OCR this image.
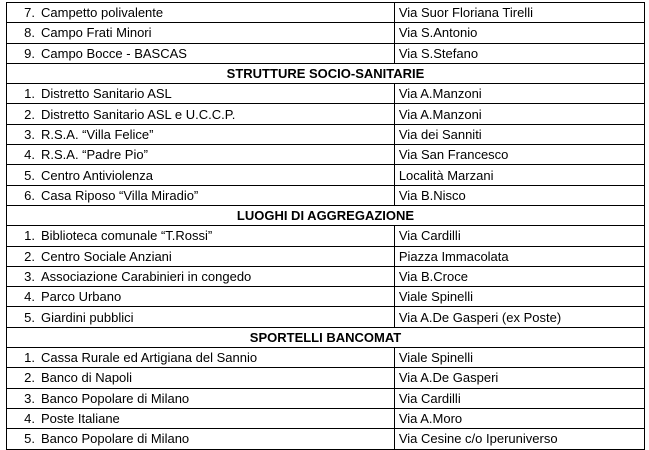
7. Campetto polivalente	Via Suor Floriana Tirelli
8. Campo Frati Minori	Via S.Antonio
9. Campo Bocce - BASCAS	Via S.Stefano
STRUTTURE SOCIO-SANITARIE	
1. Distretto Sanitario ASL	Via A.Manzoni
2. Distretto Sanitario ASL e U.C.C.P.	Via A.Manzoni
3. R.S.A. “Villa Felice”	Via dei Sanniti
4. R.S.A. “Padre Pio”	Via San Francesco
5. Centro Antiviolenza	Località Marzani
6. Casa Riposo “Villa Miradio”	Via B.Nisco
LUOGHI DI AGGREGAZIONE	
1. Biblioteca comunale “T.Rossi”	Via Cardilli
2. Centro Sociale Anziani	Piazza Immacolata
3. Associazione Carabinieri in congedo	Via B.Croce
4. Parco Urbano	Viale Spinelli
5. Giardini pubblici	Via A.De Gasperi (ex Poste)
SPORTELLI BANCOMAT	
1. Cassa Rurale ed Artigiana del Sannio	Viale Spinelli
2. Banco di Napoli	Via A.De Gasperi
3. Banco Popolare di Milano	Via Cardilli
4. Poste Italiane	Via A.Moro
5. Banco Popolare di Milano	Via Cesine c/o Iperuniverso
